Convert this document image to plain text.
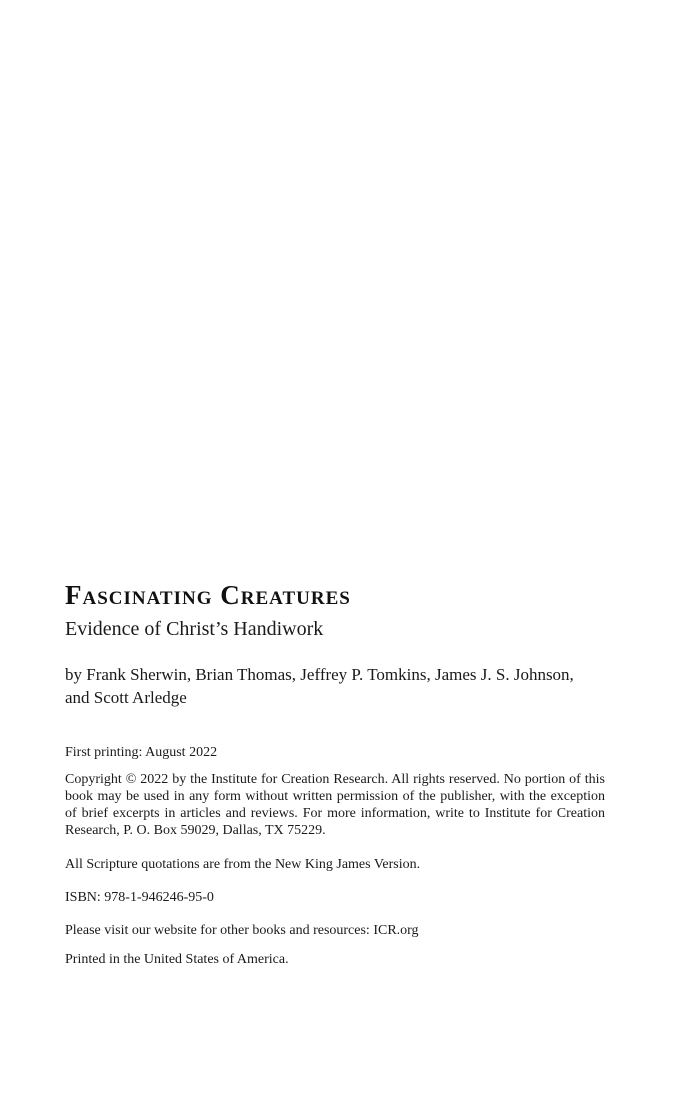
Fascinating Creatures

Evidence of Christ’s Handiwork

by Frank Sherwin, Brian Thomas, Jeffrey P. Tomkins, James J. S. Johnson,
and Scott Arledge

First printing: August 2022

Copyright © 2022 by the Institute for Creation Research. All rights reserved. No portion of this book may be used in any form without written permission of the publisher, with the exception of brief excerpts in articles and reviews. For more information, write to Institute for Creation Research, P. O. Box 59029, Dallas, TX 75229.

All Scripture quotations are from the New King James Version.

ISBN: 978-1-946246-95-0

Please visit our website for other books and resources: ICR.org

Printed in the United States of America.
